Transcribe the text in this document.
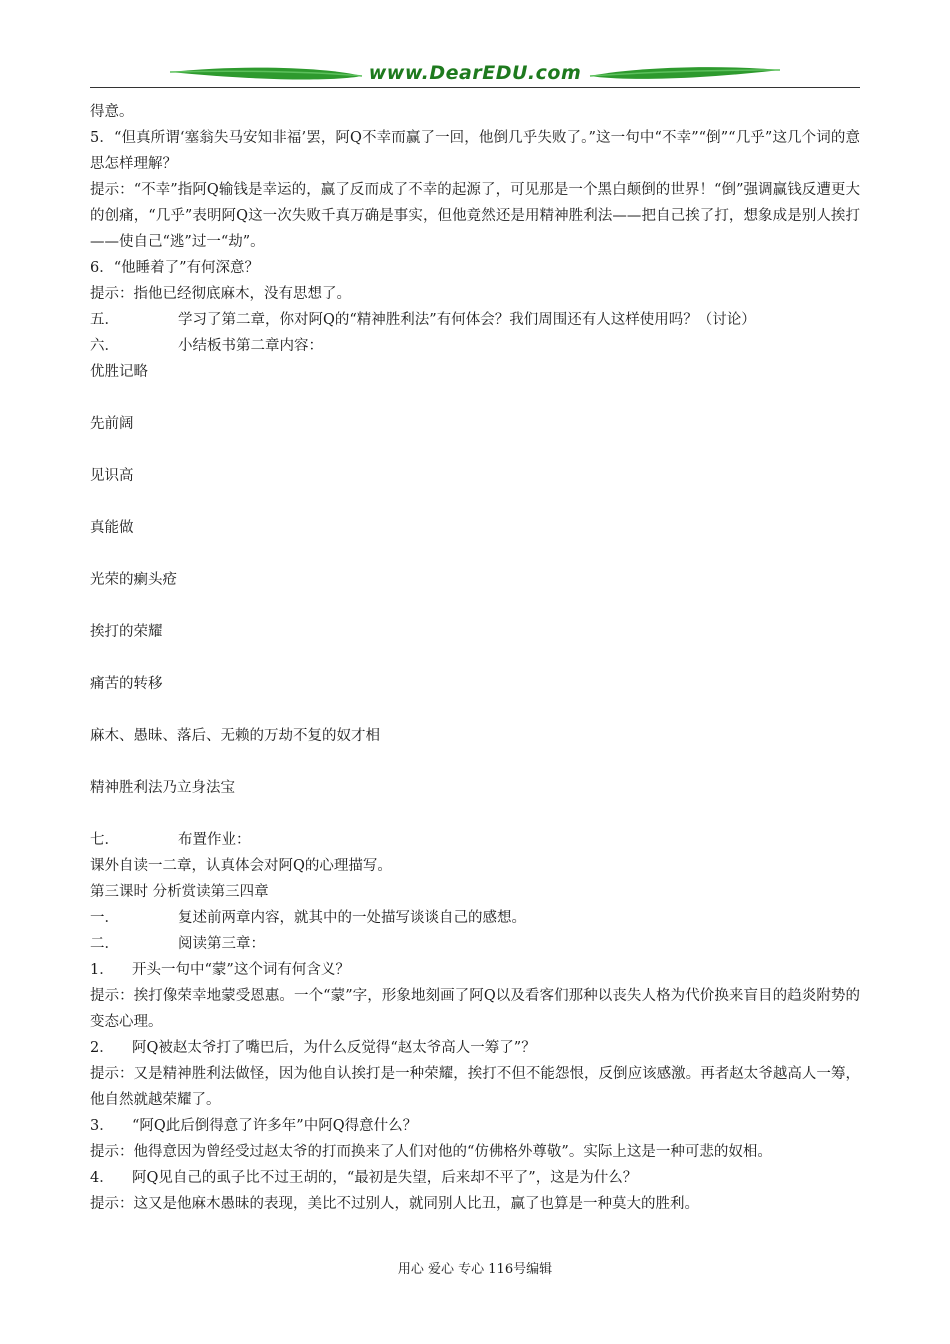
www.DearEDU.com

得意。

5．“但真所谓‘塞翁失马安知非福’罢，阿Q不幸而赢了一回，他倒几乎失败了。”这一句中“不幸”“倒”“几乎”这几个词的意思怎样理解？

提示：“不幸”指阿Q输钱是幸运的，赢了反而成了不幸的起源了，可见那是一个黑白颠倒的世界！“倒”强调赢钱反遭更大的创痛，“几乎”表明阿Q这一次失败千真万确是事实，但他竟然还是用精神胜利法——把自己挨了打，想象成是别人挨打——使自己“逃”过一“劫”。

6．“他睡着了”有何深意？

提示：指他已经彻底麻木，没有思想了。

五．	学习了第二章，你对阿Q的“精神胜利法”有何体会？我们周围还有人这样使用吗？（讨论）

六．	小结板书第二章内容：

优胜记略

先前阔

见识高

真能做

光荣的瘌头疮

挨打的荣耀

痛苦的转移

麻木、愚昧、落后、无赖的万劫不复的奴才相

精神胜利法乃立身法宝

七．	布置作业：

课外自读一二章，认真体会对阿Q的心理描写。

第三课时 分析赏读第三四章

一．	复述前两章内容，就其中的一处描写谈谈自己的感想。

二．	阅读第三章：

1． 开头一句中“蒙”这个词有何含义？

提示：挨打像荣幸地蒙受恩惠。一个“蒙”字，形象地刻画了阿Q以及看客们那种以丧失人格为代价换来盲目的趋炎附势的变态心理。

2． 阿Q被赵太爷打了嘴巴后，为什么反觉得“赵太爷高人一筹了”？

提示：又是精神胜利法做怪，因为他自认挨打是一种荣耀，挨打不但不能怨恨，反倒应该感激。再者赵太爷越高人一筹，他自然就越荣耀了。

3． “阿Q此后倒得意了许多年”中阿Q得意什么？

提示：他得意因为曾经受过赵太爷的打而换来了人们对他的“仿佛格外尊敬”。实际上这是一种可悲的奴相。

4． 阿Q见自己的虱子比不过王胡的，“最初是失望，后来却不平了”，这是为什么？

提示：这又是他麻木愚昧的表现，美比不过别人，就同别人比丑，赢了也算是一种莫大的胜利。

用心 爱心 专心 116号编辑
